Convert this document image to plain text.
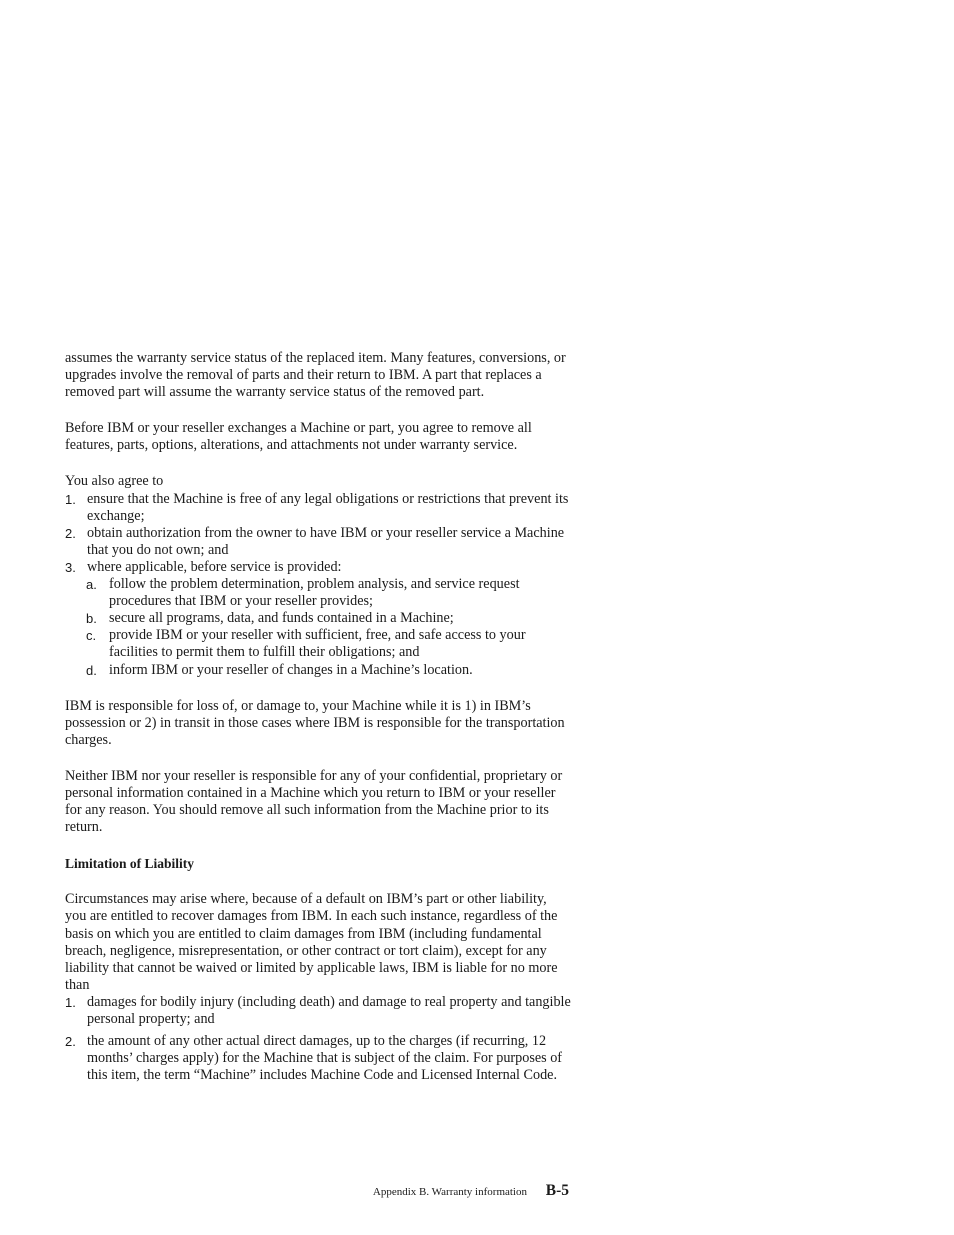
assumes the warranty service status of the replaced item. Many features, conversions, or upgrades involve the removal of parts and their return to IBM. A part that replaces a removed part will assume the warranty service status of the removed part.

Before IBM or your reseller exchanges a Machine or part, you agree to remove all features, parts, options, alterations, and attachments not under warranty service.

You also agree to

1. ensure that the Machine is free of any legal obligations or restrictions that prevent its exchange;
2. obtain authorization from the owner to have IBM or your reseller service a Machine that you do not own; and
3. where applicable, before service is provided:
a. follow the problem determination, problem analysis, and service request procedures that IBM or your reseller provides;
b. secure all programs, data, and funds contained in a Machine;
c. provide IBM or your reseller with sufficient, free, and safe access to your facilities to permit them to fulfill their obligations; and
d. inform IBM or your reseller of changes in a Machine’s location.

IBM is responsible for loss of, or damage to, your Machine while it is 1) in IBM’s possession or 2) in transit in those cases where IBM is responsible for the transportation charges.

Neither IBM nor your reseller is responsible for any of your confidential, proprietary or personal information contained in a Machine which you return to IBM or your reseller for any reason. You should remove all such information from the Machine prior to its return.

Limitation of Liability

Circumstances may arise where, because of a default on IBM’s part or other liability, you are entitled to recover damages from IBM. In each such instance, regardless of the basis on which you are entitled to claim damages from IBM (including fundamental breach, negligence, misrepresentation, or other contract or tort claim), except for any liability that cannot be waived or limited by applicable laws, IBM is liable for no more than

1. damages for bodily injury (including death) and damage to real property and tangible personal property; and
2. the amount of any other actual direct damages, up to the charges (if recurring, 12 months’ charges apply) for the Machine that is subject of the claim. For purposes of this item, the term “Machine” includes Machine Code and Licensed Internal Code.
Appendix B. Warranty information B-5
